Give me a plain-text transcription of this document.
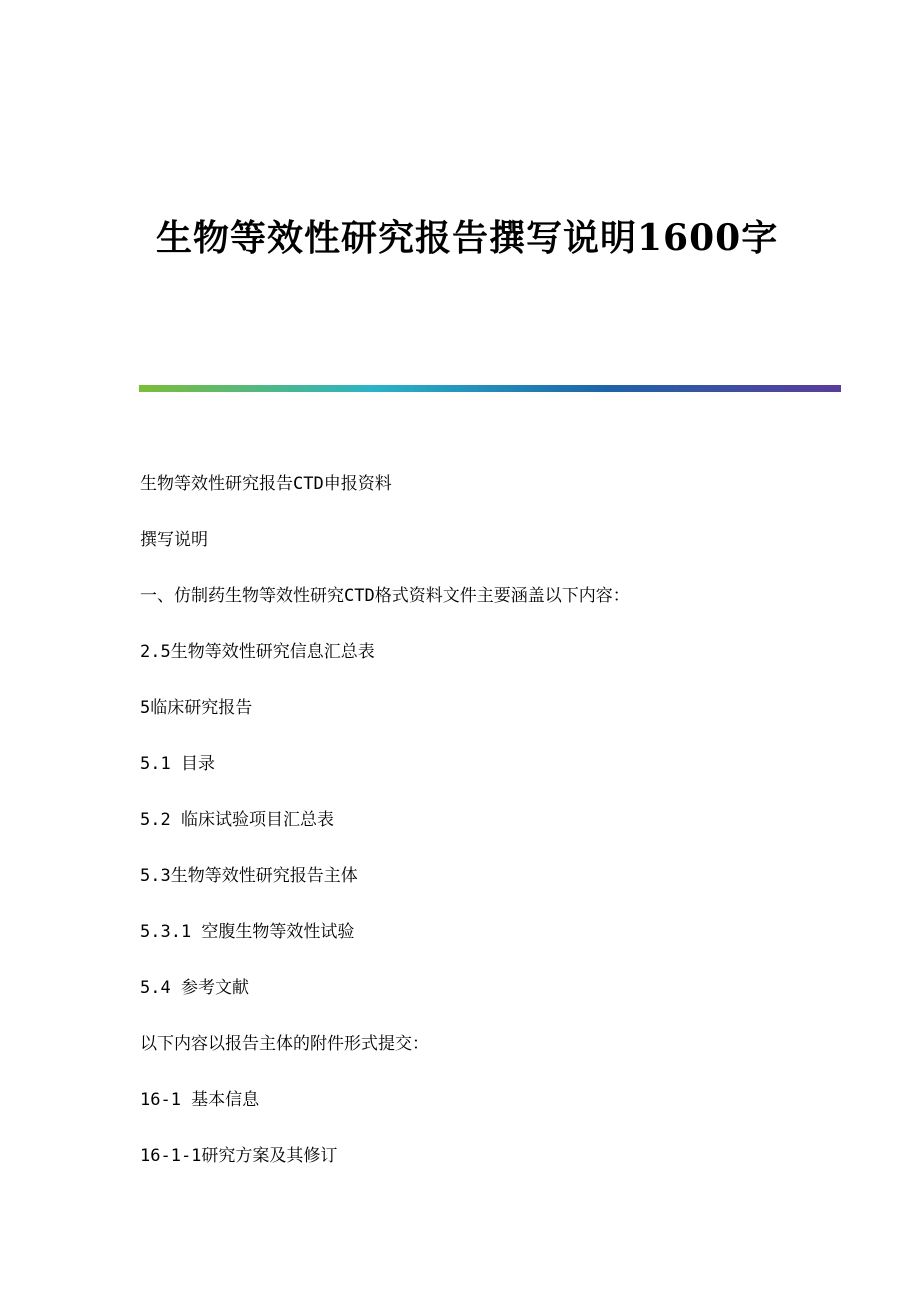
生物等效性研究报告撰写说明1600字
生物等效性研究报告CTD申报资料
撰写说明
一、仿制药生物等效性研究CTD格式资料文件主要涵盖以下内容：
2.5生物等效性研究信息汇总表
5临床研究报告
5.1 目录
5.2 临床试验项目汇总表
5.3生物等效性研究报告主体
5.3.1 空腹生物等效性试验
5.4 参考文献
以下内容以报告主体的附件形式提交：
16-1 基本信息
16-1-1研究方案及其修订
